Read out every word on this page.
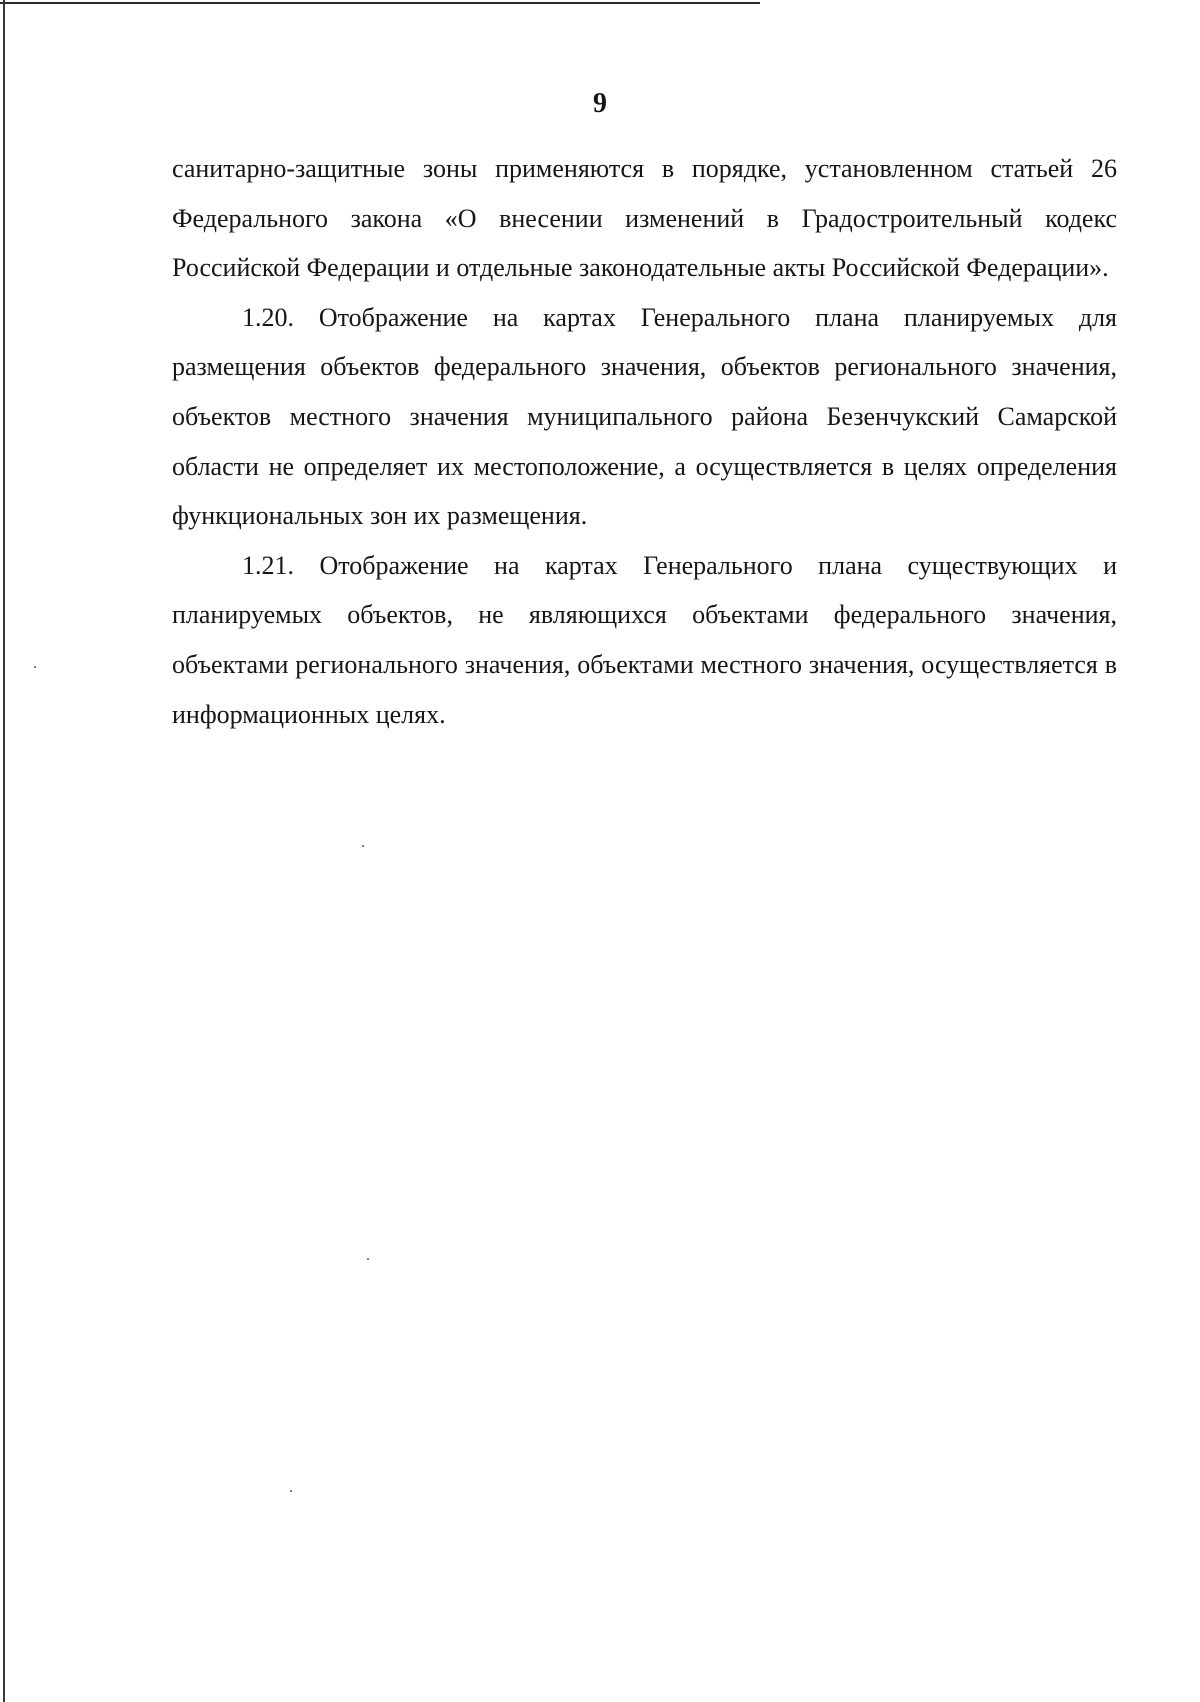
9

санитарно-защитные зоны применяются в порядке, установленном статьей 26 Федерального закона «О внесении изменений в Градостроительный кодекс Российской Федерации и отдельные законодательные акты Российской Федерации».

1.20. Отображение на картах Генерального плана планируемых для размещения объектов федерального значения, объектов регионального значения, объектов местного значения муниципального района Безенчукский Самарской области не определяет их местоположение, а осуществляется в целях определения функциональных зон их размещения.

1.21. Отображение на картах Генерального плана существующих и планируемых объектов, не являющихся объектами федерального значения, объектами регионального значения, объектами местного значения, осуществляется в информационных целях.
